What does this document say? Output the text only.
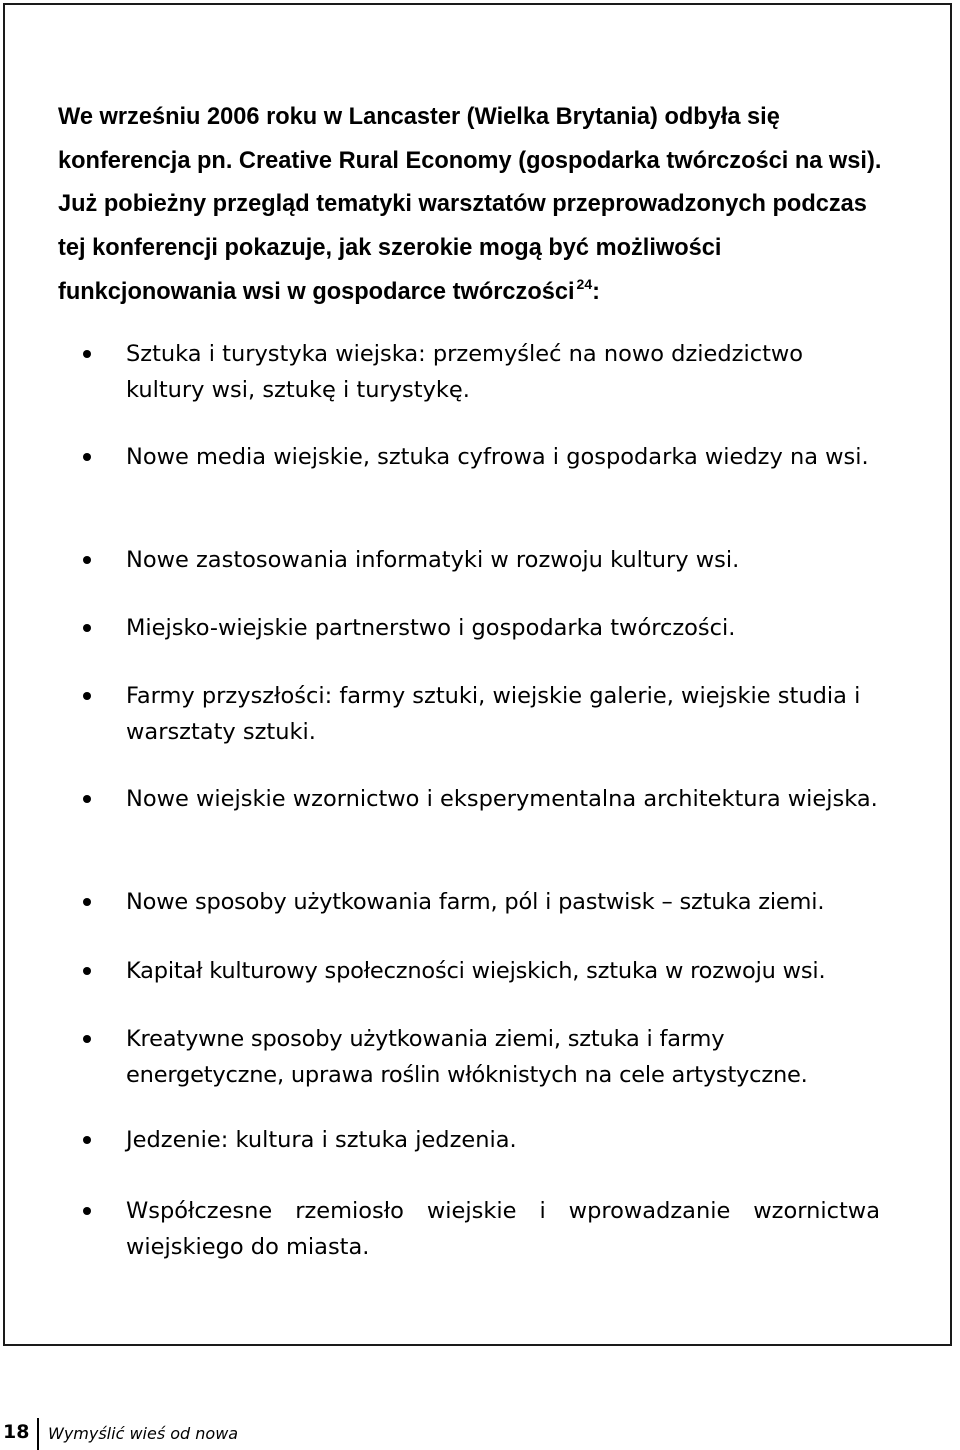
We wrześniu 2006 roku w Lancaster (Wielka Brytania) odbyła się konferencja pn. Creative Rural Economy (gospodarka twórczości na wsi). Już pobieżny przegląd tematyki warsztatów przeprowadzonych podczas tej konferencji pokazuje, jak szerokie mogą być możliwości funkcjonowania wsi w gospodarce twórczości $^{24}$:

Sztuka i turystyka wiejska: przemyśleć na nowo dziedzictwo kultury wsi, sztukę i turystykę.
Nowe media wiejskie, sztuka cyfrowa i gospodarka wiedzy na wsi.
Nowe zastosowania informatyki w rozwoju kultury wsi.
Miejsko-wiejskie partnerstwo i gospodarka twórczości.
Farmy przyszłości: farmy sztuki, wiejskie galerie, wiejskie studia i warsztaty sztuki.
Nowe wiejskie wzornictwo i eksperymentalna architektura wiejska.
Nowe sposoby użytkowania farm, pól i pastwisk – sztuka ziemi.
Kapitał kulturowy społeczności wiejskich, sztuka w rozwoju wsi.
Kreatywne sposoby użytkowania ziemi, sztuka i farmy energetyczne, uprawa roślin włóknistych na cele artystyczne.
Jedzenie: kultura i sztuka jedzenia.
Współczesne rzemiosło wiejskie i wprowadzanie wzornictwa wiejskiego do miasta.
18 Wymyślić wieś od nowa
